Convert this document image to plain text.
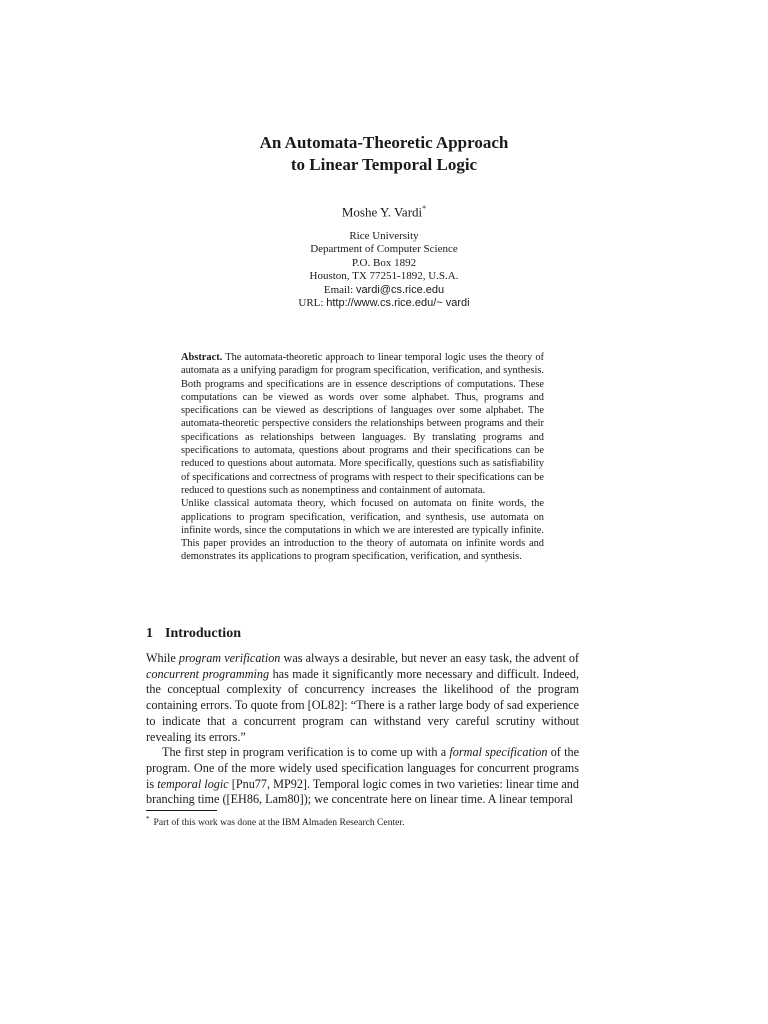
An Automata-Theoretic Approach
to Linear Temporal Logic
Moshe Y. Vardi*
Rice University
Department of Computer Science
P.O. Box 1892
Houston, TX 77251-1892, U.S.A.
Email: vardi@cs.rice.edu
URL: http://www.cs.rice.edu/~ vardi

Abstract. The automata-theoretic approach to linear temporal logic uses the theory of automata as a unifying paradigm for program specification, verification, and synthesis. Both programs and specifications are in essence descriptions of computations. These computations can be viewed as words over some alphabet. Thus, programs and specifications can be viewed as descriptions of languages over some alphabet. The automata-theoretic perspective considers the relationships between programs and their specifications as relationships between languages. By translating programs and specifications to automata, questions about programs and their specifications can be reduced to questions about automata. More specifically, questions such as satisfiability of specifications and correctness of programs with respect to their specifications can be reduced to questions such as nonemptiness and containment of automata.

Unlike classical automata theory, which focused on automata on finite words, the applications to program specification, verification, and synthesis, use automata on infinite words, since the computations in which we are interested are typically infinite. This paper provides an introduction to the theory of automata on infinite words and demonstrates its applications to program specification, verification, and synthesis.

1 Introduction

While program verification was always a desirable, but never an easy task, the advent of concurrent programming has made it significantly more necessary and difficult. Indeed, the conceptual complexity of concurrency increases the likelihood of the program containing errors. To quote from [OL82]: “There is a rather large body of sad experience to indicate that a concurrent program can withstand very careful scrutiny without revealing its errors.”

The first step in program verification is to come up with a formal specification of the program. One of the more widely used specification languages for concurrent programs is temporal logic [Pnu77, MP92]. Temporal logic comes in two varieties: linear time and branching time ([EH86, Lam80]); we concentrate here on linear time. A linear temporal

* Part of this work was done at the IBM Almaden Research Center.
